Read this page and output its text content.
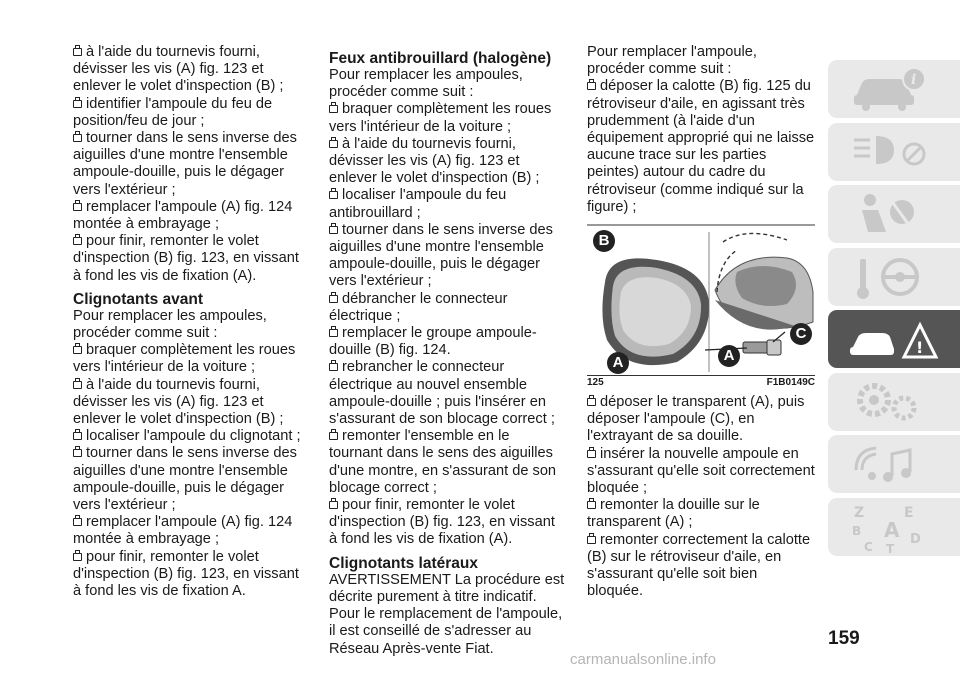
à l'aide du tournevis fourni, dévisser les vis (A) fig. 123 et enlever le volet d'inspection (B) ;
identifier l'ampoule du feu de position/feu de jour ;
tourner dans le sens inverse des aiguilles d'une montre l'ensemble ampoule-douille, puis le dégager vers l'extérieur ;
remplacer l'ampoule (A) fig. 124 montée à embrayage ;
pour finir, remonter le volet d'inspection (B) fig. 123, en vissant à fond les vis de fixation (A).
Clignotants avant

Pour remplacer les ampoules, procéder comme suit :

braquer complètement les roues vers l'intérieur de la voiture ;
à l'aide du tournevis fourni, dévisser les vis (A) fig. 123 et enlever le volet d'inspection (B) ;
localiser l'ampoule du clignotant ;
tourner dans le sens inverse des aiguilles d'une montre l'ensemble ampoule-douille, puis le dégager vers l'extérieur ;
remplacer l'ampoule (A) fig. 124 montée à embrayage ;
pour finir, remonter le volet d'inspection (B) fig. 123, en vissant à fond les vis de fixation A.
Feux antibrouillard (halogène)

Pour remplacer les ampoules, procéder comme suit :

braquer complètement les roues vers l'intérieur de la voiture ;
à l'aide du tournevis fourni, dévisser les vis (A) fig. 123 et enlever le volet d'inspection (B) ;
localiser l'ampoule du feu antibrouillard ;
tourner dans le sens inverse des aiguilles d'une montre l'ensemble ampoule-douille, puis le dégager vers l'extérieur ;
débrancher le connecteur électrique ;
remplacer le groupe ampoule-douille (B) fig. 124.
rebrancher le connecteur électrique au nouvel ensemble ampoule-douille ; puis l'insérer en s'assurant de son blocage correct ;
remonter l'ensemble en le tournant dans le sens des aiguilles d'une montre, en s'assurant de son blocage correct ;
pour finir, remonter le volet d'inspection (B) fig. 123, en vissant à fond les vis de fixation (A).
Clignotants latéraux

AVERTISSEMENT La procédure est décrite purement à titre indicatif. Pour le remplacement de l'ampoule, il est conseillé de s'adresser au Réseau Après-vente Fiat.

Pour remplacer l'ampoule, procéder comme suit :

déposer la calotte (B) fig. 125 du rétroviseur d'aile, en agissant très prudemment (à l'aide d'un équipement approprié qui ne laisse aucune trace sur les parties peintes) autour du cadre du rétroviseur (comme indiqué sur la figure) ;
B
A	A
C
125	F1B0149C
déposer le transparent (A), puis déposer l'ampoule (C), en l'extrayant de sa douille.
insérer la nouvelle ampoule en s'assurant qu'elle soit correctement bloquée ;
remonter la douille sur le transparent (A) ;
remonter correctement la calotte (B) sur le rétroviseur d'aile, en s'assurant qu'elle soit bien bloquée.
i
!
Z	E
B A
C T
D
159
carmanualsonline.info
